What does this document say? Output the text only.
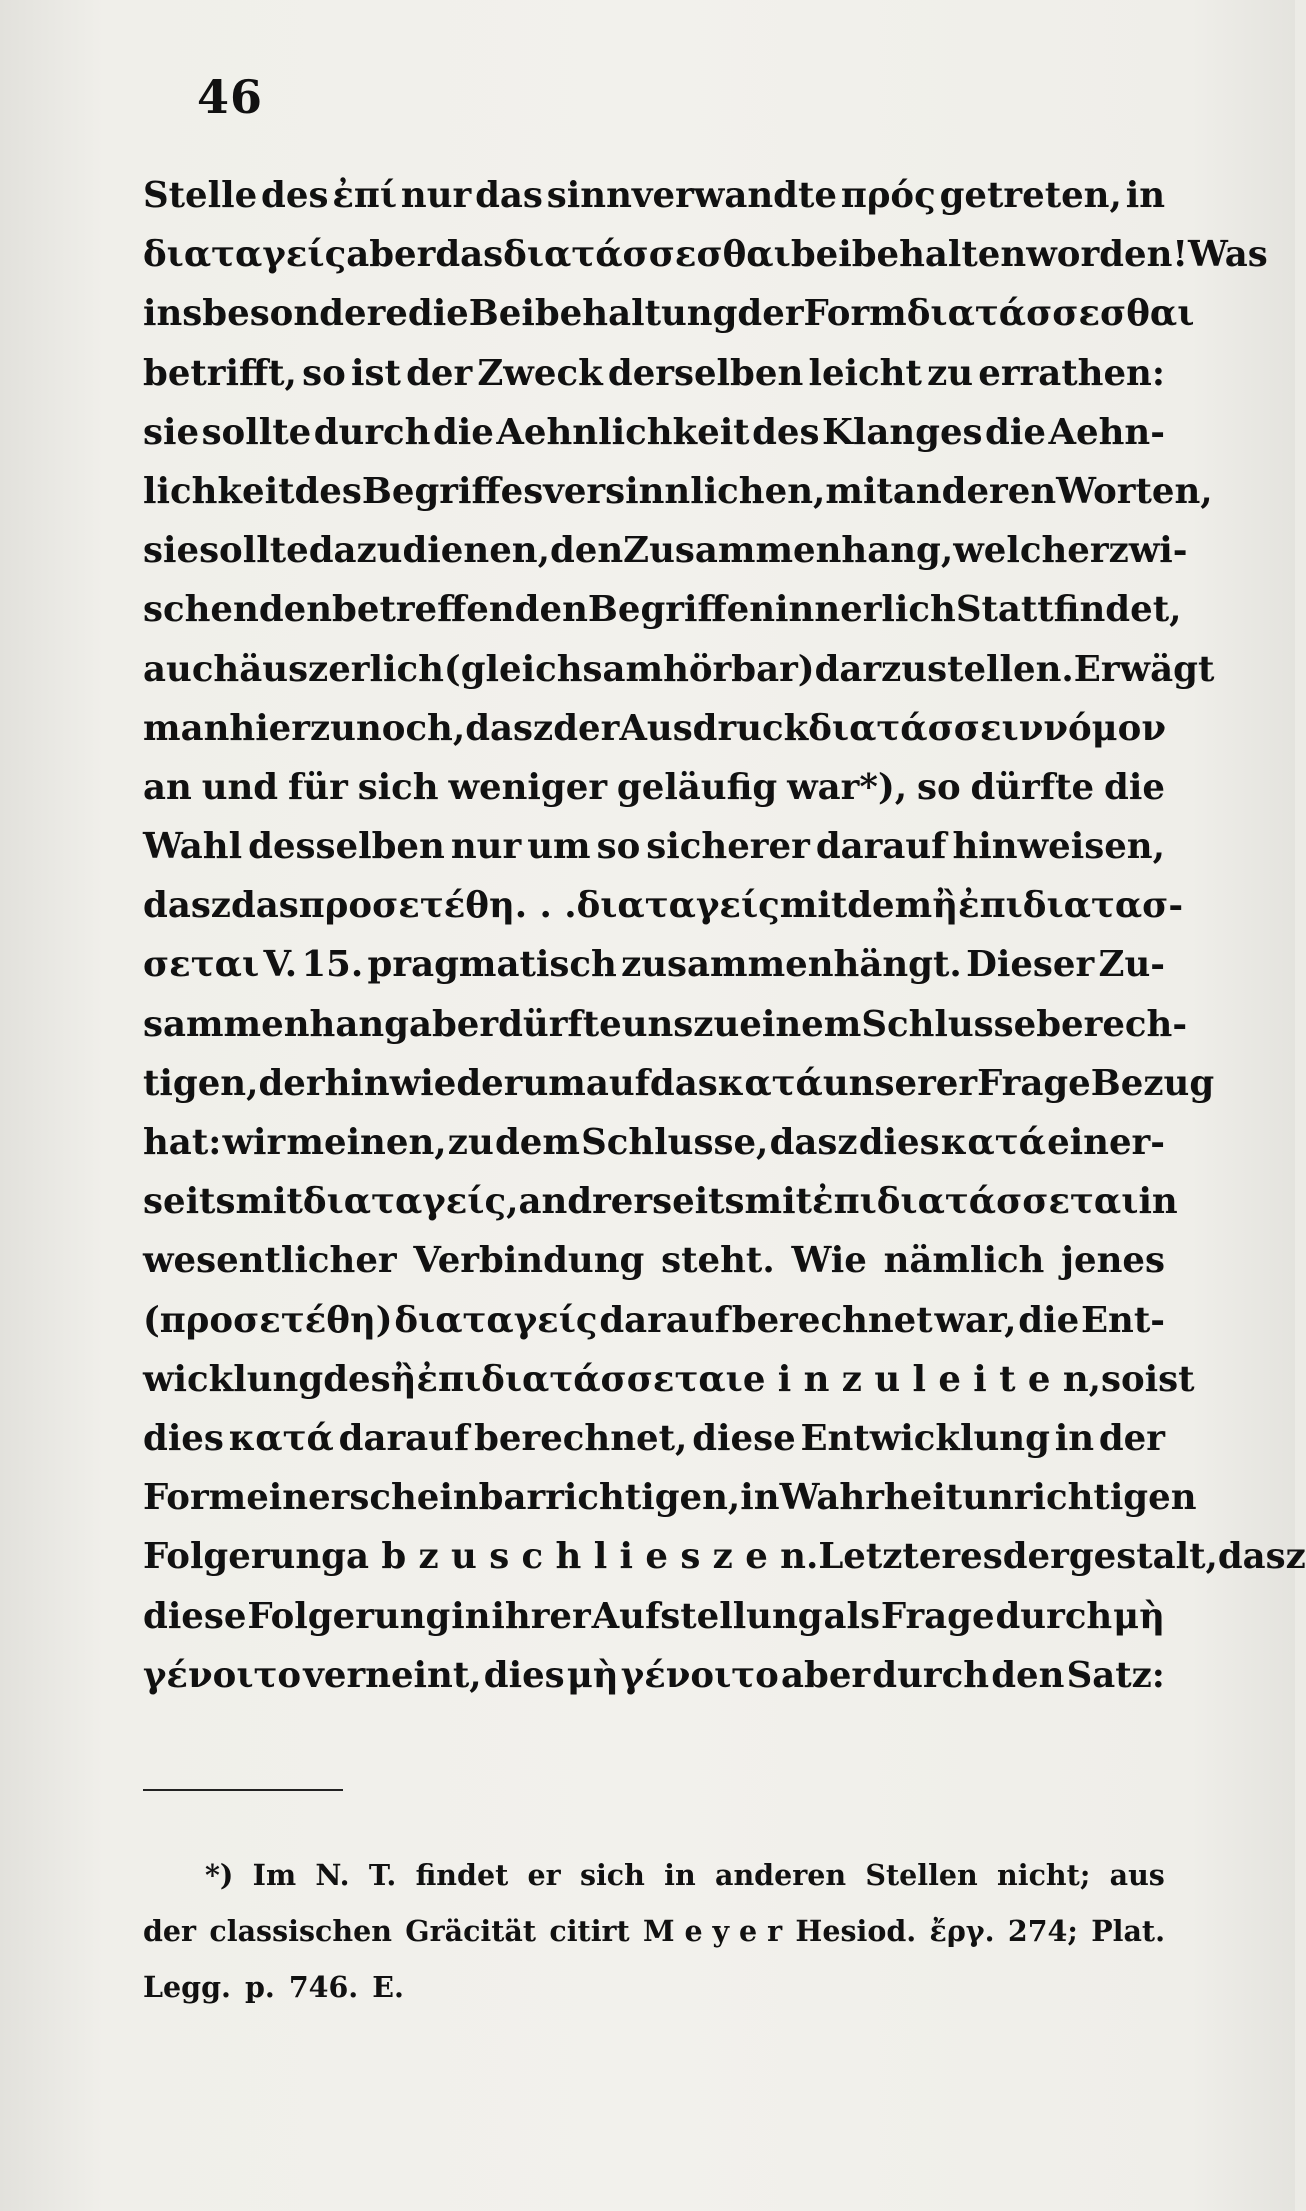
46
Stelle des ἐπί nur das sinnverwandte πρός getreten, in
διαταγείς aber das διατάσσεσθαι beibehalten worden! Was
insbesondere die Beibehaltung der Form διατάσσεσθαι
betrifft, so ist der Zweck derselben leicht zu errathen:
sie sollte durch die Aehnlichkeit des Klanges die Aehn-
lichkeit des Begriffes versinnlichen, mit anderen Worten,
sie sollte dazu dienen, den Zusammenhang, welcher zwi-
schen den betreffenden Begriffen innerlich Statt findet,
auch äuszerlich (gleichsam hörbar) darzustellen. Erwägt
man hierzu noch, dasz der Ausdruck διατάσσειν νόμον
an und für sich weniger geläufig war*), so dürfte die
Wahl desselben nur um so sicherer darauf hinweisen,
dasz das προσετέθη . . . διαταγείς mit dem ἢ ἐπιδιατασ-
σεται V. 15. pragmatisch zusammenhängt. Dieser Zu-
sammenhang aber dürfte uns zu einem Schlusse berech-
tigen, der hinwiederum auf das κατά unserer Frage Bezug
hat: wir meinen, zu dem Schlusse, dasz dies κατά einer-
seits mit διαταγείς, andrerseits mit ἐπιδιατάσσεται in
wesentlicher Verbindung steht. Wie nämlich jenes
(προσετέθη) διαταγείς darauf berechnet war, die Ent-
wicklung des ἢ ἐπιδιατάσσεται e i n z u l e i t e n, so ist
dies κατά darauf berechnet, diese Entwicklung in der
Form einer scheinbar richtigen, in Wahrheit unrichtigen
Folgerung a b z u s c h l i e s z e n. Letzteres dergestalt, dasz
diese Folgerung in ihrer Aufstellung als Frage durch μὴ
γένοιτο verneint, dies μὴ γένοιτο aber durch den Satz:
*) Im N. T. findet er sich in anderen Stellen nicht; aus
der classischen Gräcität citirt M e y e r Hesiod. ἔργ. 274; Plat.
Legg. p. 746. E.
